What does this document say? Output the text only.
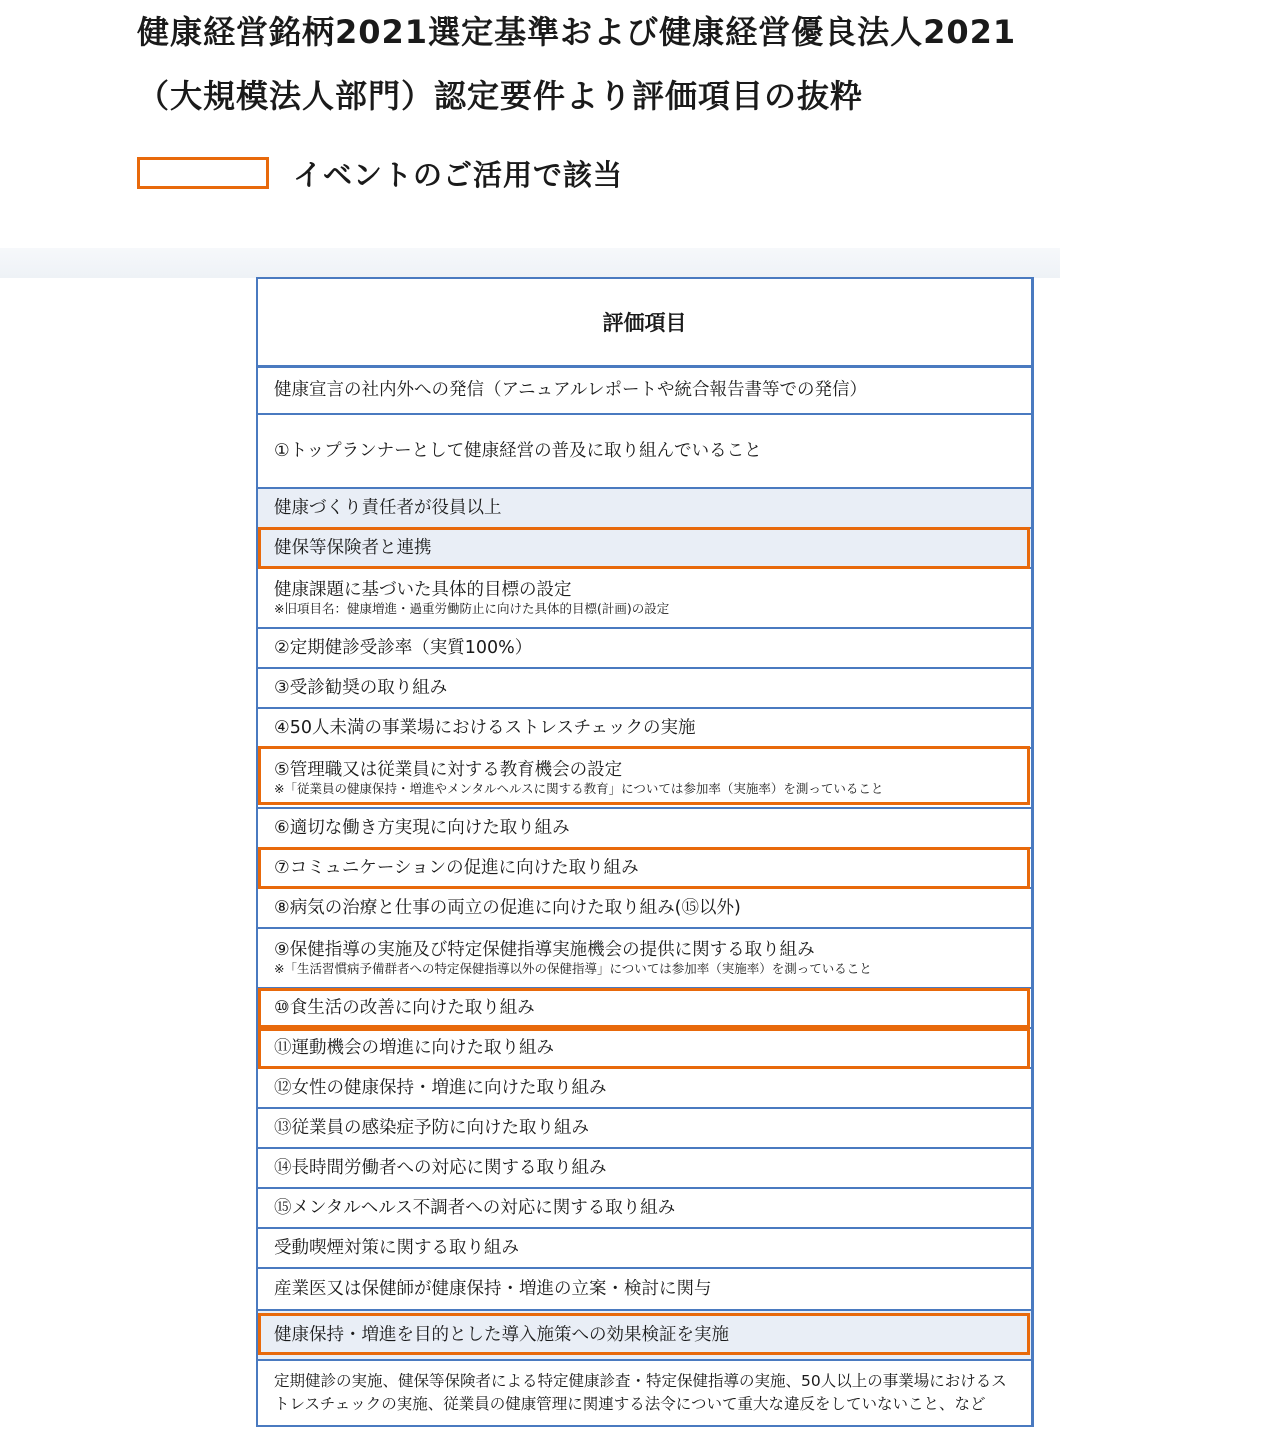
健康経営銘柄2021選定基準および健康経営優良法人2021
（大規模法人部門）認定要件より評価項目の抜粋
イベントのご活用で該当
評価項目
健康宣言の社内外への発信（アニュアルレポートや統合報告書等での発信）
①トップランナーとして健康経営の普及に取り組んでいること
健康づくり責任者が役員以上
健保等保険者と連携
健康課題に基づいた具体的目標の設定
※旧項目名：健康増進・過重労働防止に向けた具体的目標(計画)の設定
②定期健診受診率（実質100%）
③受診勧奨の取り組み
④50人未満の事業場におけるストレスチェックの実施
⑤管理職又は従業員に対する教育機会の設定
※「従業員の健康保持・増進やメンタルヘルスに関する教育」については参加率（実施率）を測っていること
⑥適切な働き方実現に向けた取り組み
⑦コミュニケーションの促進に向けた取り組み
⑧病気の治療と仕事の両立の促進に向けた取り組み(⑮以外)
⑨保健指導の実施及び特定保健指導実施機会の提供に関する取り組み
※「生活習慣病予備群者への特定保健指導以外の保健指導」については参加率（実施率）を測っていること
⑩食生活の改善に向けた取り組み
⑪運動機会の増進に向けた取り組み
⑫女性の健康保持・増進に向けた取り組み
⑬従業員の感染症予防に向けた取り組み
⑭長時間労働者への対応に関する取り組み
⑮メンタルヘルス不調者への対応に関する取り組み
受動喫煙対策に関する取り組み
産業医又は保健師が健康保持・増進の立案・検討に関与
健康保持・増進を目的とした導入施策への効果検証を実施
定期健診の実施、健保等保険者による特定健康診査・特定保健指導の実施、50人以上の事業場におけるストレスチェックの実施、従業員の健康管理に関連する法令について重大な違反をしていないこと、など
